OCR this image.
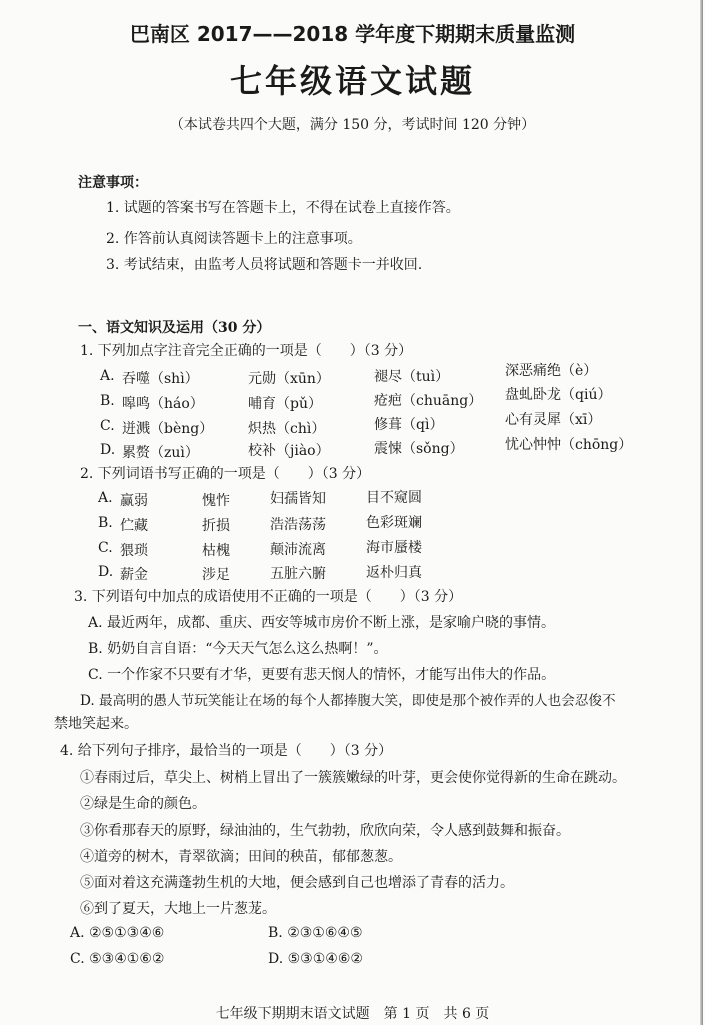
巴南区 2017——2018 学年度下期期末质量监测
七年级语文试题
（本试卷共四个大题，满分 150 分，考试时间 120 分钟）
注意事项：
1. 试题的答案书写在答题卡上，不得在试卷上直接作答。
2. 作答前认真阅读答题卡上的注意事项。
3. 考试结束，由监考人员将试题和答题卡一并收回.
一、语文知识及运用（30 分）
1. 下列加点字注音完全正确的一项是（　　）（3 分）
A. 吞噬（shì）	元勋（xūn）	褪尽（tuì）	深恶痛绝（è）
B. 嗥鸣（háo）	哺育（pǔ）	疮疤（chuāng） 盘虬卧龙（qiú）
C. 迸溅（bèng） 炽热（chì）	修葺（qì）	心有灵犀（xī）
D. 累赘（zuì）	校补（jiào）	震悚（sǒng）	忧心忡忡（chōng）
2. 下列词语书写正确的一项是（　　）（3 分）
A. 赢弱	愧怍	妇孺皆知	目不窥圆
B. 伫藏	折损	浩浩荡荡	色彩斑斓
C. 猥琐	枯槐	颠沛流离	海市蜃楼
D. 薪金	涉足	五脏六腑	返朴归真
3. 下列语句中加点的成语使用不正确的一项是（　　）（3 分）
A. 最近两年，成都、重庆、西安等城市房价不断上涨，是家喻户晓的事情。
B. 奶奶自言自语：“今天天气怎么这么热啊！”。
C. 一个作家不只要有才华，更要有悲天悯人的情怀，才能写出伟大的作品。
D. 最高明的愚人节玩笑能让在场的每个人都捧腹大笑，即使是那个被作弄的人也会忍俊不
禁地笑起来。
4. 给下列句子排序，最恰当的一项是（　　）（3 分）
①春雨过后，草尖上、树梢上冒出了一簇簇嫩绿的叶芽，更会使你觉得新的生命在跳动。
②绿是生命的颜色。
③你看那春天的原野，绿油油的，生气勃勃，欣欣向荣，令人感到鼓舞和振奋。
④道旁的树木，青翠欲滴；田间的秧苗，郁郁葱葱。
⑤面对着这充满蓬勃生机的大地，便会感到自己也增添了青春的活力。
⑥到了夏天，大地上一片葱茏。
A. ②⑤①③④⑥	B. ②③①⑥④⑤
C. ⑤③④①⑥②	D. ⑤③①④⑥②
七年级下期期末语文试题　第 1 页　共 6 页
